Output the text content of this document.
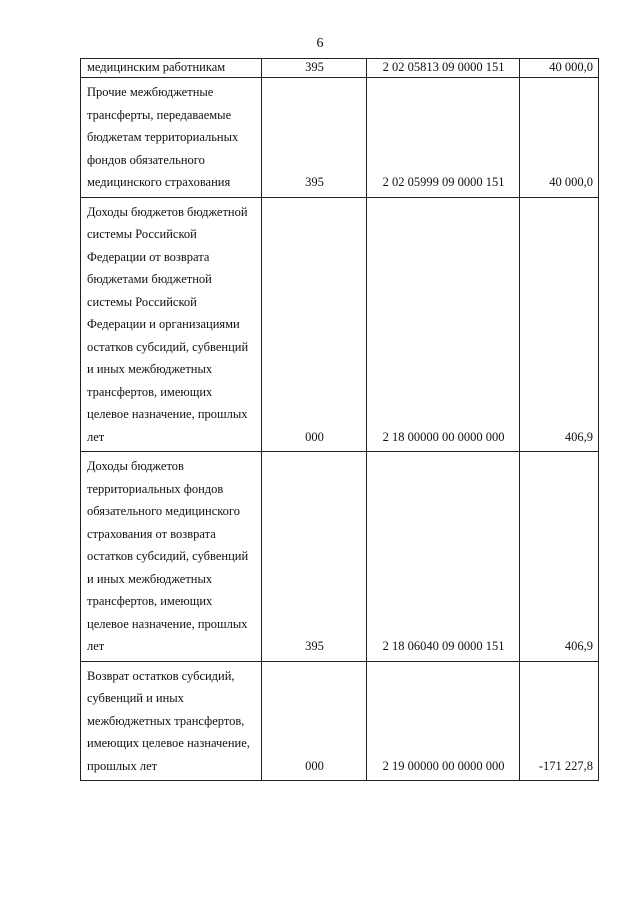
6
медицинским работникам	395	2 02 05813 09 0000 151	40 000,0
Прочие межбюджетные трансферты, передаваемые бюджетам территориальных фондов обязательного медицинского страхования	395	2 02 05999 09 0000 151	40 000,0
Доходы бюджетов бюджетной системы Российской Федерации от возврата бюджетами бюджетной системы Российской Федерации и организациями остатков субсидий, субвенций и иных межбюджетных трансфертов, имеющих целевое назначение, прошлых лет	000	2 18 00000 00 0000 000	406,9
Доходы бюджетов территориальных фондов обязательного медицинского страхования от возврата остатков субсидий, субвенций и иных межбюджетных трансфертов, имеющих целевое назначение, прошлых лет	395	2 18 06040 09 0000 151	406,9
Возврат остатков субсидий, субвенций и иных межбюджетных трансфертов, имеющих целевое назначение, прошлых лет	000	2 19 00000 00 0000 000	-171 227,8
